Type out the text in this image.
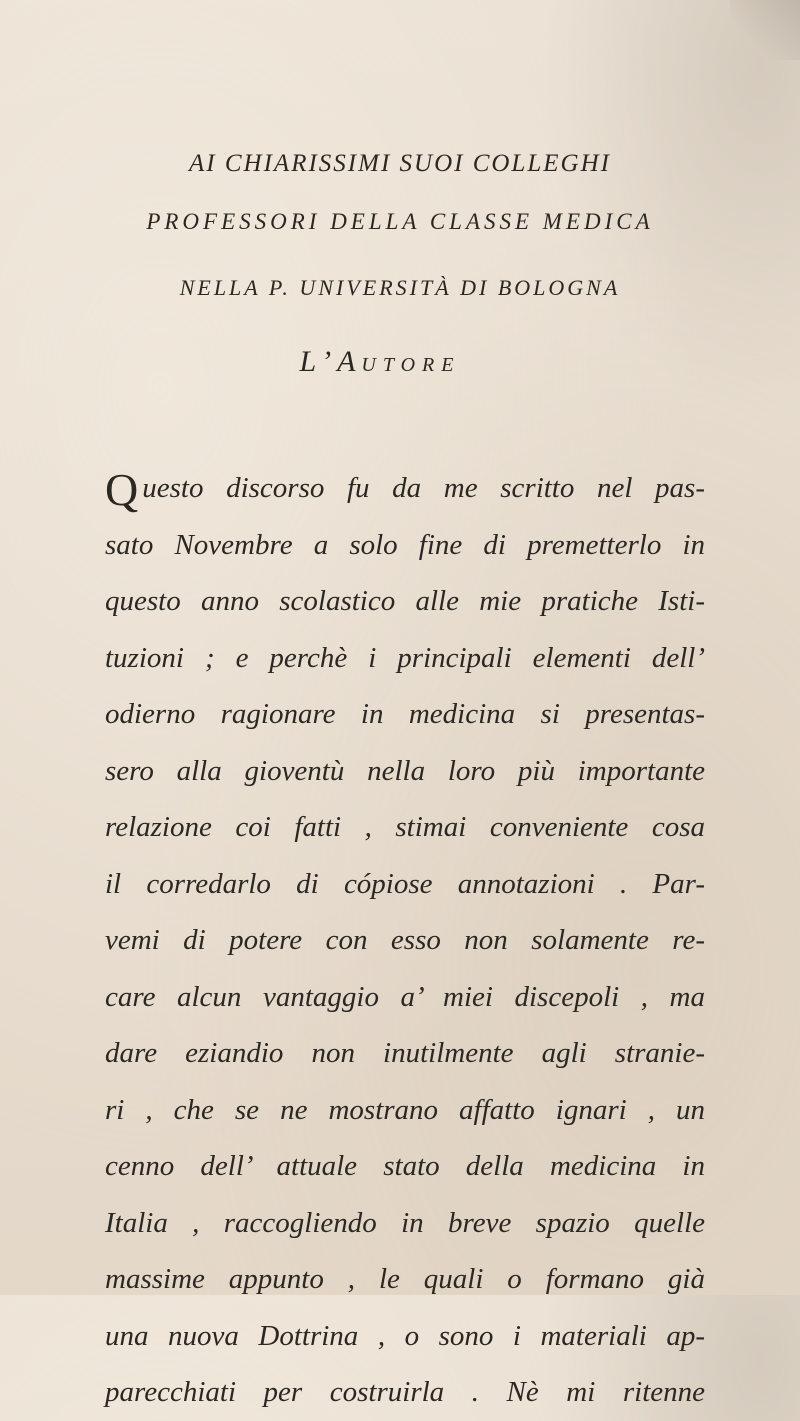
AI CHIARISSIMI SUOI COLLEGHI
PROFESSORI DELLA CLASSE MEDICA
NELLA P. UNIVERSITÀ DI BOLOGNA
L’AUTORE
Q uesto discorso fu da me scritto nel pas-
sato Novembre a solo fine di premetterlo in
questo anno scolastico alle mie pratiche Isti-
tuzioni ; e perchè i principali elementi dell’
odierno ragionare in medicina si presentas-
sero alla gioventù nella loro più importante
relazione coi fatti , stimai conveniente cosa
il corredarlo di cópiose annotazioni . Par-
vemi di potere con esso non solamente re-
care alcun vantaggio a’ miei discepoli , ma
dare eziandio non inutilmente agli stranie-
ri , che se ne mostrano affatto ignari , un
cenno dell’ attuale stato della medicina in
Italia , raccogliendo in breve spazio quelle
massime appunto , le quali o formano già
una nuova Dottrina , o sono i materiali ap-
parecchiati per costruirla . Nè mi ritenne
